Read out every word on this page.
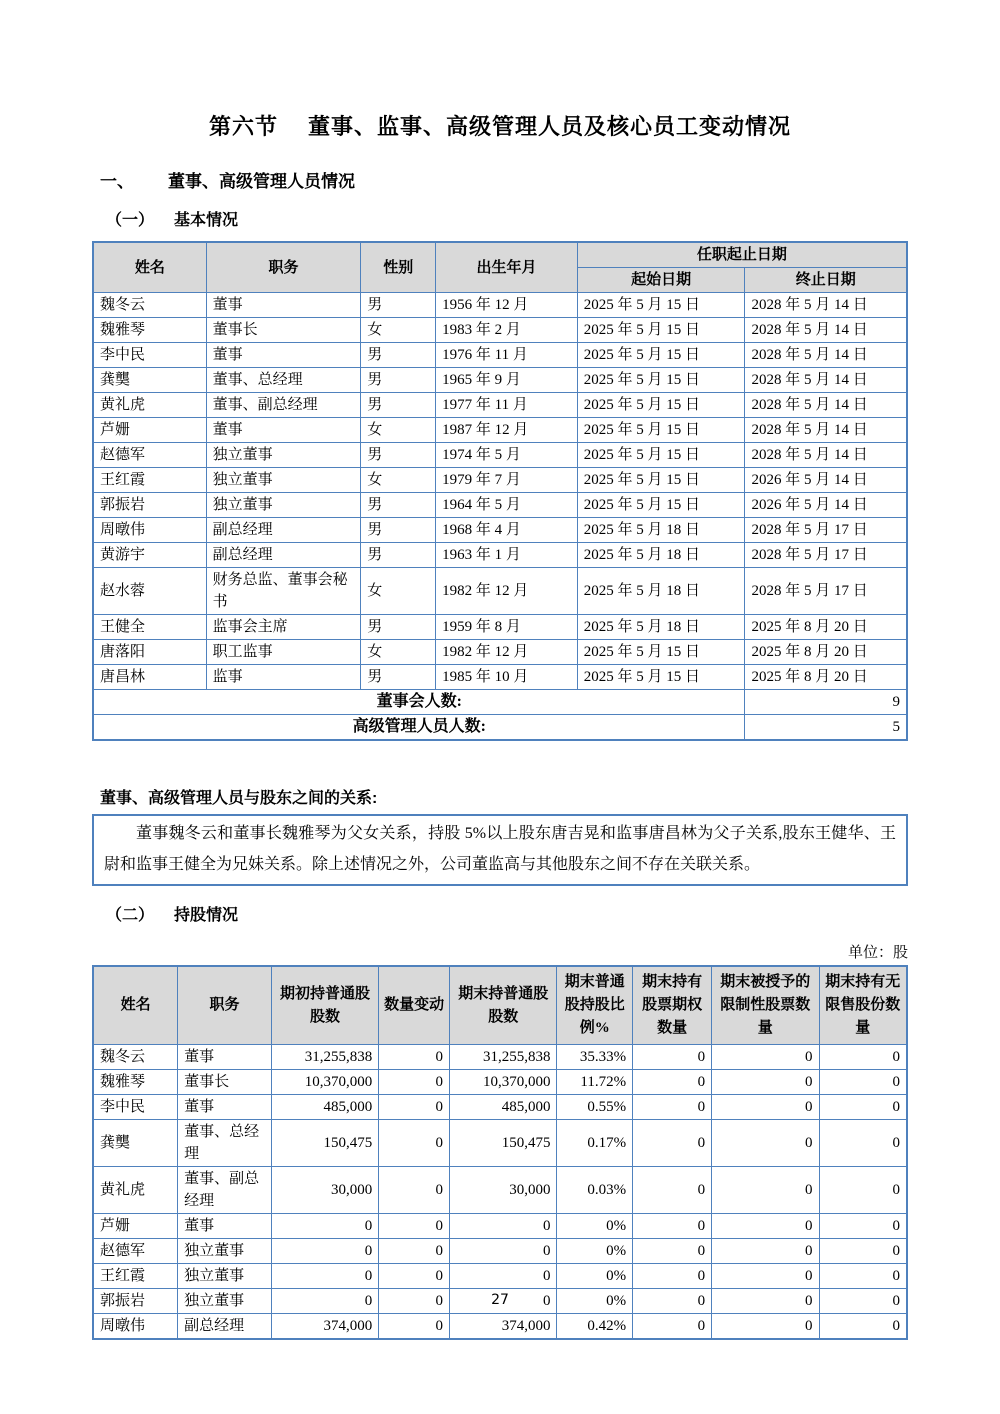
第六节 董事、监事、高级管理人员及核心员工变动情况
一、 董事、高级管理人员情况
（一） 基本情况
姓名	职务	性别	出生年月	任职起止日期	
				起始日期	终止日期
魏冬云	董事	男	1956 年 12 月	2025 年 5 月 15 日	2028 年 5 月 14 日
魏雅琴	董事长	女	1983 年 2 月	2025 年 5 月 15 日	2028 年 5 月 14 日
李中民	董事	男	1976 年 11 月	2025 年 5 月 15 日	2028 年 5 月 14 日
龚龑	董事、总经理	男	1965 年 9 月	2025 年 5 月 15 日	2028 年 5 月 14 日
黄礼虎	董事、副总经理	男	1977 年 11 月	2025 年 5 月 15 日	2028 年 5 月 14 日
芦姗	董事	女	1987 年 12 月	2025 年 5 月 15 日	2028 年 5 月 14 日
赵德军	独立董事	男	1974 年 5 月	2025 年 5 月 15 日	2028 年 5 月 14 日
王红霞	独立董事	女	1979 年 7 月	2025 年 5 月 15 日	2026 年 5 月 14 日
郭振岩	独立董事	男	1964 年 5 月	2025 年 5 月 15 日	2026 年 5 月 14 日
周暾伟	副总经理	男	1968 年 4 月	2025 年 5 月 18 日	2028 年 5 月 17 日
黄游宇	副总经理	男	1963 年 1 月	2025 年 5 月 18 日	2028 年 5 月 17 日
赵水蓉	财务总监、董事会秘书	女	1982 年 12 月	2025 年 5 月 18 日	2028 年 5 月 17 日
王健全	监事会主席	男	1959 年 8 月	2025 年 5 月 18 日	2025 年 8 月 20 日
唐落阳	职工监事	女	1982 年 12 月	2025 年 5 月 15 日	2025 年 8 月 20 日
唐昌林	监事	男	1985 年 10 月	2025 年 5 月 15 日	2025 年 8 月 20 日
董事会人数:					9
高级管理人员人数:					5
董事、高级管理人员与股东之间的关系:

董事魏冬云和董事长魏雅琴为父女关系，持股 5%以上股东唐吉晃和监事唐昌林为父子关系,股东王健华、王尉和监事王健全为兄妹关系。除上述情况之外，公司董监高与其他股东之间不存在关联关系。

（二） 持股情况
单位：股
姓名	职务	期初持普通股股数	数量变动	期末持普通股股数	期末普通股持股比例%	期末持有股票期权数量	期末被授予的限制性股票数量	期末持有无限售股份数量
魏冬云	董事	31,255,838	0	31,255,838	35.33%	0	0	0
魏雅琴	董事长	10,370,000	0	10,370,000	11.72%	0	0	0
李中民	董事	485,000	0	485,000	0.55%	0	0	0
龚龑	董事、总经理	150,475	0	150,475	0.17%	0	0	0
黄礼虎	董事、副总经理	30,000	0	30,000	0.03%	0	0	0
芦姗	董事	0	0	0	0%	0	0	0
赵德军	独立董事	0	0	0	0%	0	0	0
王红霞	独立董事	0	0	0	0%	0	0	0
郭振岩	独立董事	0	0	0	0%	0	0	0
周暾伟	副总经理	374,000	0	374,000	0.42%	0	0	0
27
